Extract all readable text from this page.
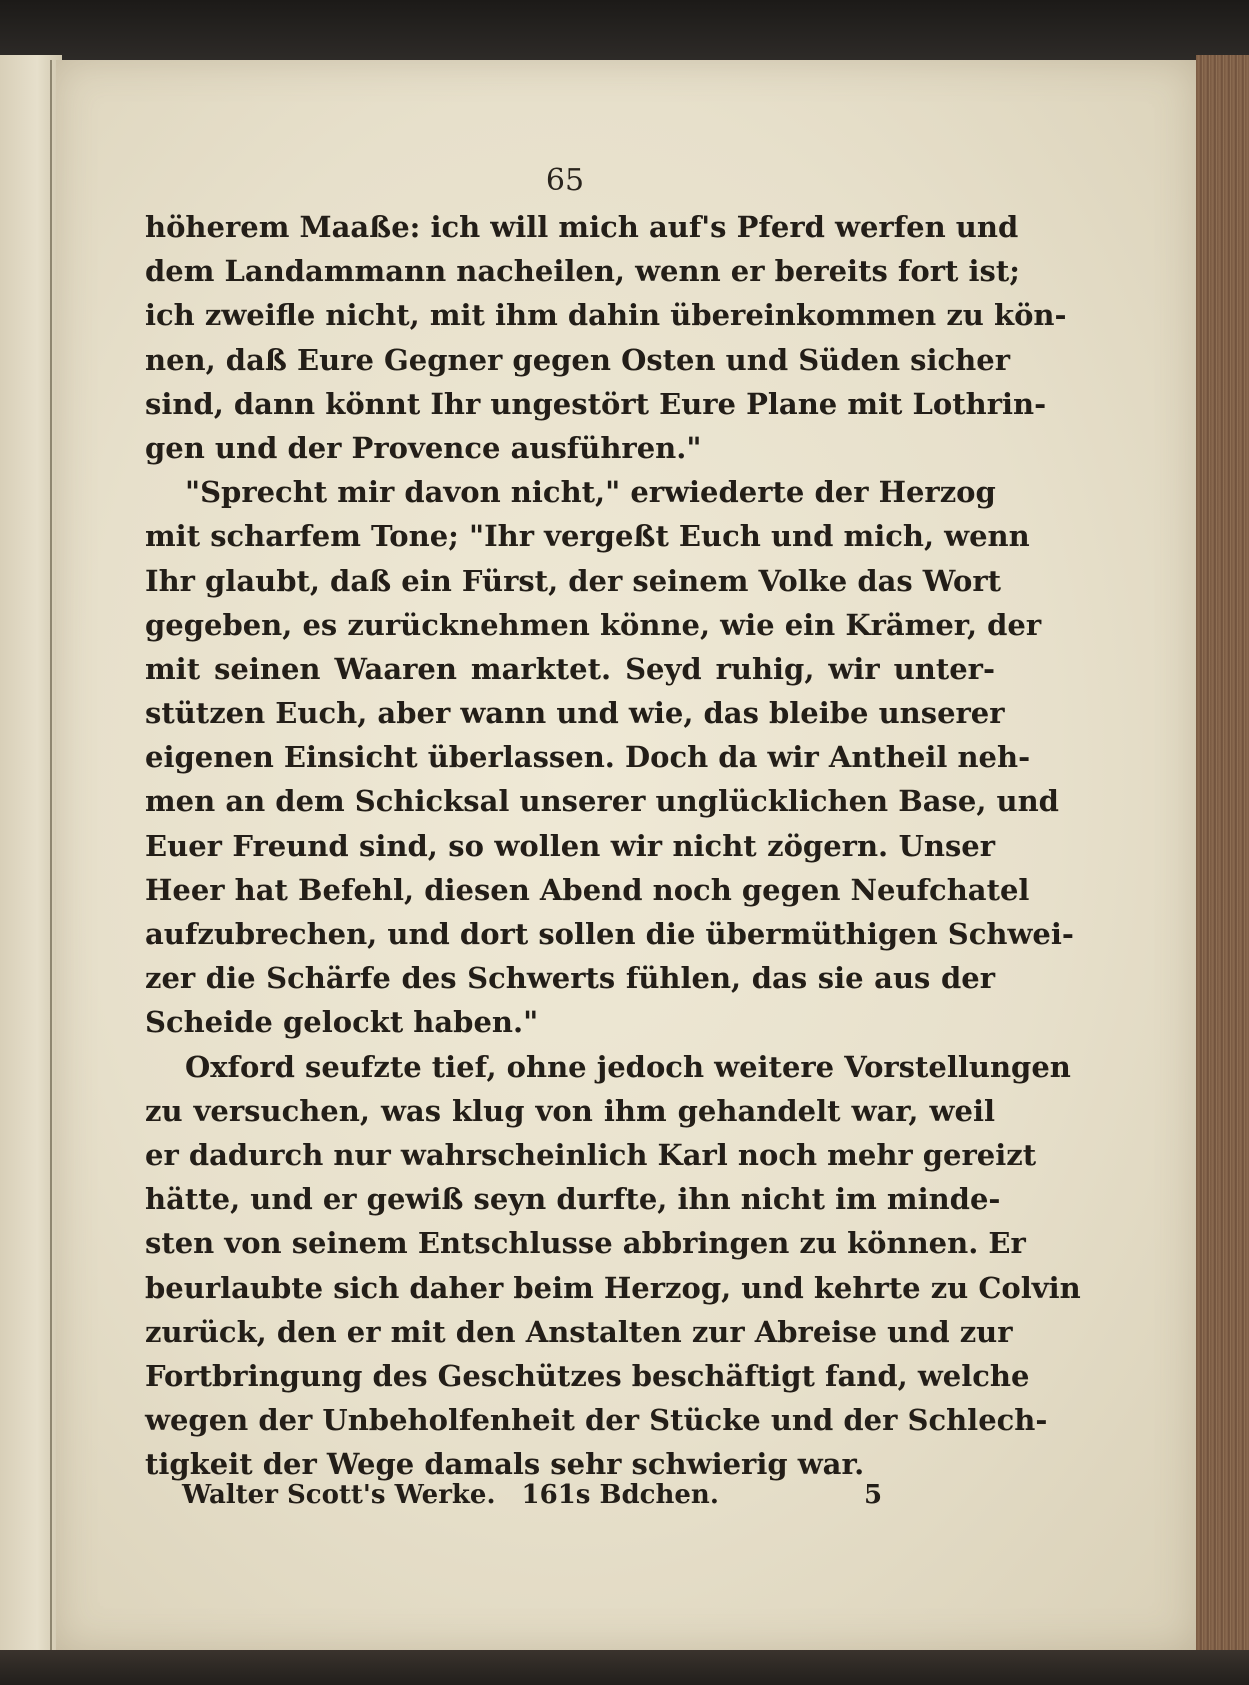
65
höherem Maaße: ich will mich auf's Pferd werfen und
dem Landammann nacheilen, wenn er bereits fort ist;
ich zweifle nicht, mit ihm dahin übereinkommen zu kön-
nen, daß Eure Gegner gegen Osten und Süden sicher
sind, dann könnt Ihr ungestört Eure Plane mit Lothrin-
gen und der Provence ausführen."
"Sprecht mir davon nicht," erwiederte der Herzog
mit scharfem Tone; "Ihr vergeßt Euch und mich, wenn
Ihr glaubt, daß ein Fürst, der seinem Volke das Wort
gegeben, es zurücknehmen könne, wie ein Krämer, der
mit seinen Waaren marktet. Seyd ruhig, wir unter-
stützen Euch, aber wann und wie, das bleibe unserer
eigenen Einsicht überlassen. Doch da wir Antheil neh-
men an dem Schicksal unserer unglücklichen Base, und
Euer Freund sind, so wollen wir nicht zögern. Unser
Heer hat Befehl, diesen Abend noch gegen Neufchatel
aufzubrechen, und dort sollen die übermüthigen Schwei-
zer die Schärfe des Schwerts fühlen, das sie aus der
Scheide gelockt haben."
Oxford seufzte tief, ohne jedoch weitere Vorstellungen
zu versuchen, was klug von ihm gehandelt war, weil
er dadurch nur wahrscheinlich Karl noch mehr gereizt
hätte, und er gewiß seyn durfte, ihn nicht im minde-
sten von seinem Entschlusse abbringen zu können. Er
beurlaubte sich daher beim Herzog, und kehrte zu Colvin
zurück, den er mit den Anstalten zur Abreise und zur
Fortbringung des Geschützes beschäftigt fand, welche
wegen der Unbeholfenheit der Stücke und der Schlech-
tigkeit der Wege damals sehr schwierig war.
Walter Scott's Werke. 161s Bdchen.	5
